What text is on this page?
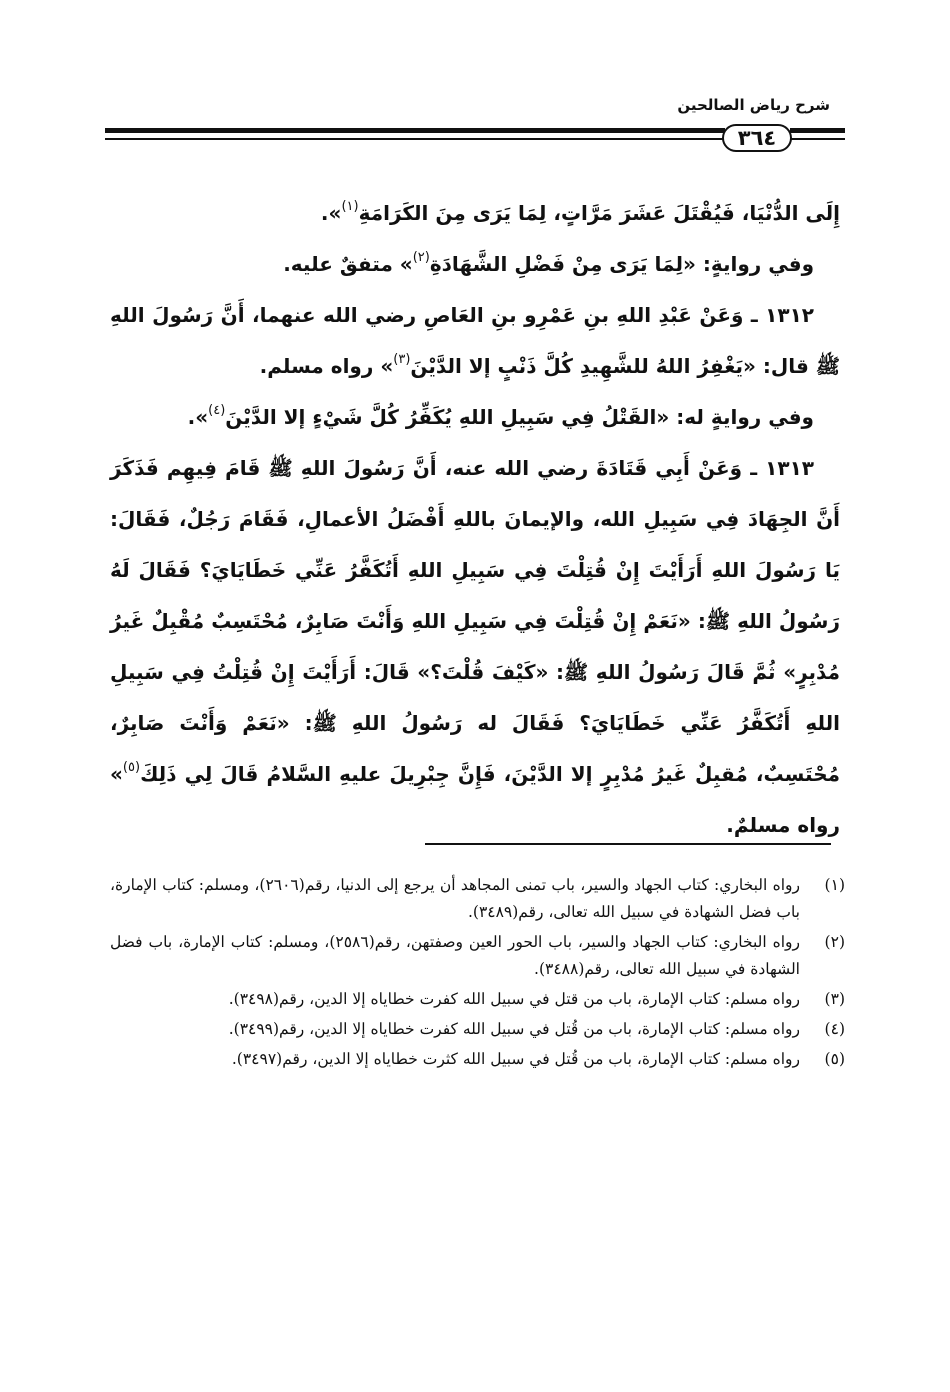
شرح رياض الصالحين
٣٦٤

إِلَى الدُّنْيَا، فَيُقْتَلَ عَشَرَ مَرَّاتٍ، لِمَا يَرَى مِنَ الكَرَامَةِ$^{(١)}$».

وفي روايةٍ: «لِمَا يَرَى مِنْ فَضْلِ الشَّهَادَةِ$^{(٢)}$» متفقٌ عليه.

١٣١٢ ـ وَعَنْ عَبْدِ اللهِ بنِ عَمْرِو بنِ العَاصِ رضي الله عنهما، أَنَّ رَسُولَ اللهِ ﷺ قال: «يَغْفِرُ اللهُ للشَّهِيدِ كُلَّ ذَنْبٍ إلا الدَّيْنَ$^{(٣)}$» رواه مسلم.

وفي روايةٍ له: «القَتْلُ فِي سَبِيلِ اللهِ يُكَفِّرُ كُلَّ شَيْءٍ إلا الدَّيْنَ$^{(٤)}$».

١٣١٣ ـ وَعَنْ أَبِي قَتَادَةَ رضي الله عنه، أَنَّ رَسُولَ اللهِ ﷺ قَامَ فِيهِم فَذَكَرَ أَنَّ الجِهَادَ فِي سَبِيلِ الله، والإيمانَ باللهِ أَفْضَلُ الأعمالِ، فَقَامَ رَجُلٌ، فَقَالَ: يَا رَسُولَ اللهِ أَرَأَيْتَ إِنْ قُتِلْتَ فِي سَبِيلِ اللهِ أَتُكَفَّرُ عَنِّي خَطَايَايَ؟ فَقَالَ لَهُ رَسُولُ اللهِ ﷺ: «نَعَمْ إِنْ قُتِلْتَ فِي سَبِيلِ اللهِ وَأَنْتَ صَابِرٌ، مُحْتَسِبٌ مُقْبِلٌ غَيرُ مُدْبِرٍ» ثُمَّ قَالَ رَسُولُ اللهِ ﷺ: «كَيْفَ قُلْتَ؟» قَالَ: أَرَأَيْتَ إِنْ قُتِلْتُ فِي سَبِيلِ اللهِ أَتُكَفَّرُ عَنِّي خَطَايَايَ؟ فَقَالَ له رَسُولُ اللهِ ﷺ: «نَعَمْ وَأَنْتَ صَابِرٌ، مُحْتَسِبٌ، مُقبِلٌ غَيرُ مُدْبِرٍ إلا الدَّيْنَ، فَإِنَّ جِبْرِيلَ عليهِ السَّلامُ قَالَ لِي ذَلِكَ$^{(٥)}$» رواه مسلمٌ.

(١)
رواه البخاري: كتاب الجهاد والسير، باب تمنى المجاهد أن يرجع إلى الدنيا، رقم(٢٦٠٦)، ومسلم: كتاب الإمارة، باب فضل الشهادة في سبيل الله تعالى، رقم(٣٤٨٩).
(٢)
رواه البخاري: كتاب الجهاد والسير، باب الحور العين وصفتهن، رقم(٢٥٨٦)، ومسلم: كتاب الإمارة، باب فضل الشهادة في سبيل الله تعالى، رقم(٣٤٨٨).
(٣)
رواه مسلم: كتاب الإمارة، باب من قتل في سبيل الله كفرت خطاياه إلا الدين، رقم(٣٤٩٨).
(٤)
رواه مسلم: كتاب الإمارة، باب من قُتل في سبيل الله كفرت خطاياه إلا الدين، رقم(٣٤٩٩).
(٥)
رواه مسلم: كتاب الإمارة، باب من قُتل في سبيل الله كثرت خطاياه إلا الدين، رقم(٣٤٩٧).
